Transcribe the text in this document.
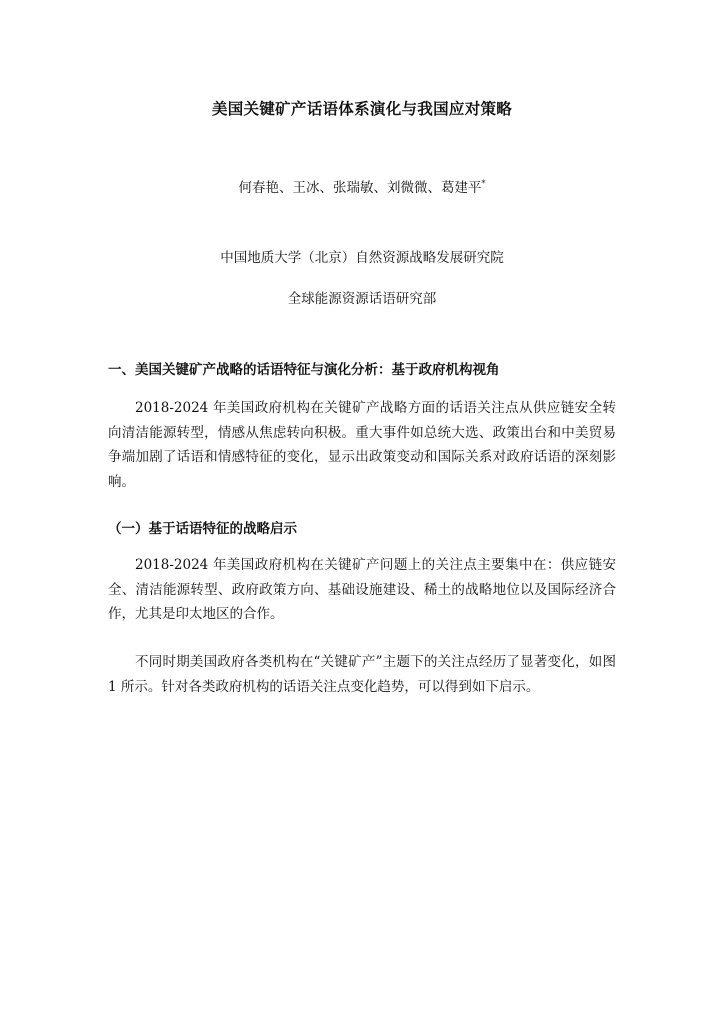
美国关键矿产话语体系演化与我国应对策略
何春艳、王冰、张瑞敏、刘微微、葛建平*
中国地质大学（北京）自然资源战略发展研究院
全球能源资源话语研究部
一、美国关键矿产战略的话语特征与演化分析：基于政府机构视角

2018-2024 年美国政府机构在关键矿产战略方面的话语关注点从供应链安全转向清洁能源转型，情感从焦虑转向积极。重大事件如总统大选、政策出台和中美贸易争端加剧了话语和情感特征的变化，显示出政策变动和国际关系对政府话语的深刻影响。

（一）基于话语特征的战略启示

2018-2024 年美国政府机构在关键矿产问题上的关注点主要集中在：供应链安全、清洁能源转型、政府政策方向、基础设施建设、稀土的战略地位以及国际经济合作，尤其是印太地区的合作。

不同时期美国政府各类机构在“关键矿产”主题下的关注点经历了显著变化，如图 1 所示。针对各类政府机构的话语关注点变化趋势，可以得到如下启示。
